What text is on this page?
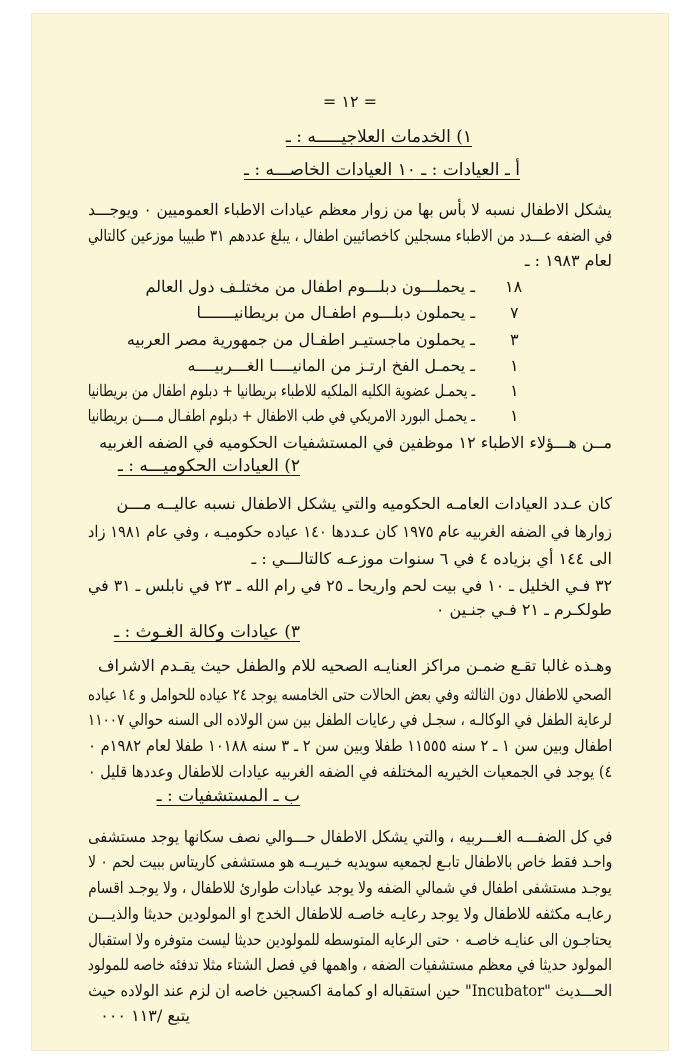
= ١٢ =
١) الخدمات العلاجيـــــه : ـ
أ ـ العيادات : ـ ١٠ العيادات الخاصـــه : ـ
يشكل الاطفال نسبه لا بأس بها من زوار معظم عيادات الاطباء العموميين ٠ ويوجـــد
في الضفه عـــدد من الاطباء مسجلين كاخصائيين اطفال ، يبلغ عددهم ٣١ طبيبا موزعين كالتالي
لعام ١٩٨٣ : ـ
١٨
ـ يحملـــون دبلـــوم اطفال من مختلـف دول العالم
٧
ـ يحملون دبلـــوم اطفـال من بريطانيـــــــا
٣
ـ يحملون ماجستيـر اطفـال من جمهورية مصر العربيه
١
ـ يحمـل الفخ ارتـز من المانيــــا الغـــربيــــه
١
ـ يحمـل عضوية الكليه الملكيه للاطباء بريطانيا + دبلوم اطفال من بريطانيا
١
ـ يحمـل البورد الامريكي في طب الاطفال + دبلوم اطفـال مــــن بريطانيا
مــن هـــؤلاء الاطباء ١٢ موظفين في المستشفيات الحكوميه في الضفه الغربيه
٢) العيادات الحكوميـــه : ـ
كان عـدد العيادات العامـه الحكوميه والتي يشكل الاطفال نسبه عاليــه مـــن
زوارها في الضفه الغربيه عام ١٩٧٥ كان عـددها ١٤٠ عياده حكوميـه ، وفي عام ١٩٨١ زاد
الى ١٤٤ أي بزياده ٤ في ٦ سنوات موزعـه كالتالـــي : ـ
٣٢ فـي الخليل ـ ١٠ في بيت لحم واريحا ـ ٢٥ في رام الله ـ ٢٣ في نابلس ـ ٣١ في
طولكـرم ـ ٢١ فـي جنـين ٠
٣) عيادات وكالة الغـوث : ـ
وهـذه غالبا تقـع ضمـن مراكز العنايـه الصحيه للام والطفل حيث يقـدم الاشراف
الصحي للاطفال دون الثالثه وفي بعض الحالات حتى الخامسه يوجد ٢٤ عياده للحوامل و ١٤ عياده
لرعاية الطفل في الوكالـه ، سجـل في رعايات الطفل بين سن الولاده الى السنه حوالي ١١٠٠٧
اطفال وبين سن ١ ـ ٢ سنه ١١٥٥٥ طفلا وبين سن ٢ ـ ٣ سنه ١٠١٨٨ طفلا لعام ١٩٨٢م ٠
٤) يوجد في الجمعيات الخيريه المختلفه في الضفه الغربيه عيادات للاطفال وعددها قليل ٠
ب ـ المستشفيات : ـ
في كل الضفـــه الغـــربيه ، والتي يشكل الاطفال حـــوالي نصف سكانها يوجد مستشفى
واحـد فقط خاص بالاطفال تابـع لجمعيه سويديه خـيريــه هو مستشفى كاريتاس ببيت لحم ٠ لا
يوجـد مستشفى اطفال في شمالي الضفه ولا يوجد عيادات طوارئ للاطفال ، ولا يوجـد اقسام
رعايـه مكثفه للاطفال ولا يوجد رعايـه خاصـه للاطفال الخدج او المولودين حديثا والذيـــن
يحتاجـون الى عنايـه خاصـه ٠ حتى الرعايه المتوسطه للمولودين حديثا ليست متوفره ولا استقبال
المولود حديثا في معظم مستشفيات الضفه ، واهمها في فصل الشتاء مثلا تدفئه خاصه للمولود
الحـــديث "Incubator" حين استقباله او كمامة اكسجين خاصه ان لزم عند الولاده حيث
يتبع /١١٣ ٠٠٠
